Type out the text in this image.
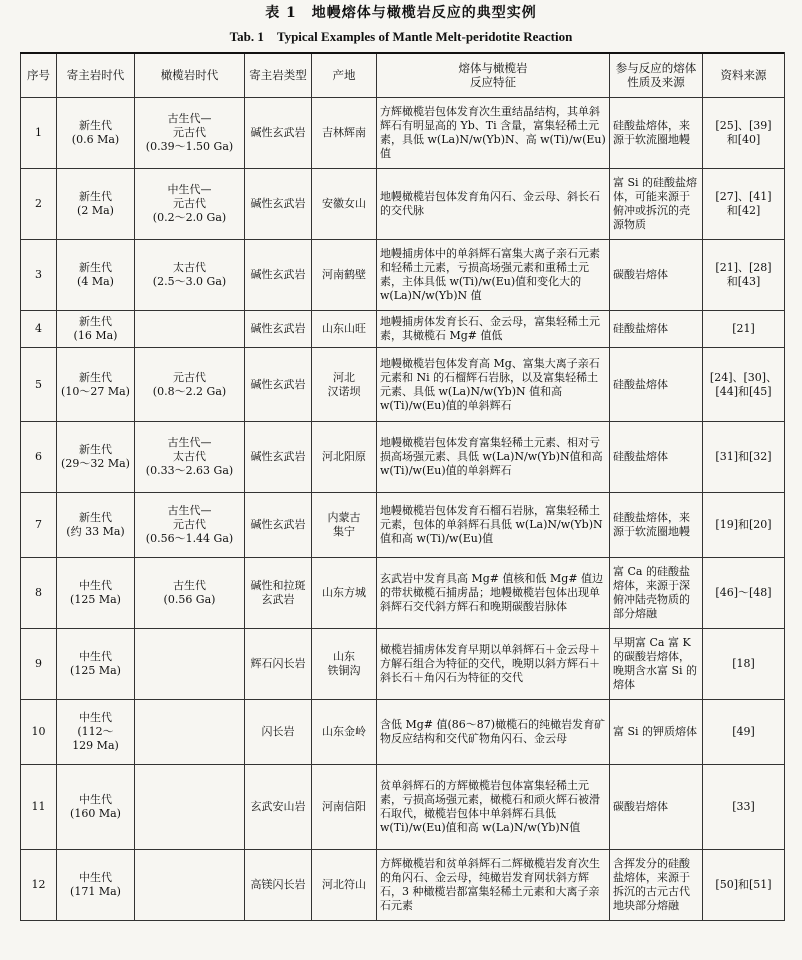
表 1　地幔熔体与橄榄岩反应的典型实例
Tab. 1　Typical Examples of Mantle Melt-peridotite Reaction
序号	寄主岩时代	橄榄岩时代	寄主岩类型	产地	熔体与橄榄岩
反应特征	参与反应的熔体
性质及来源	资料来源
1	新生代
(0.6 Ma)	古生代—
元古代
(0.39～1.50 Ga)	碱性玄武岩	吉林辉南	方辉橄榄岩包体发育次生重结晶结构，其单斜辉石有明显高的 Yb、Ti 含量，富集轻稀土元素，具低 w(La)N/w(Yb)N、高 w(Ti)/w(Eu)值	硅酸盐熔体，来源于软流圈地幔	[25]、[39]
和[40]
2	新生代
(2 Ma)	中生代—
元古代
(0.2～2.0 Ga)	碱性玄武岩	安徽女山	地幔橄榄岩包体发育角闪石、金云母、斜长石的交代脉	富 Si 的硅酸盐熔体，可能来源于俯冲或拆沉的壳源物质	[27]、[41]
和[42]
3	新生代
(4 Ma)	太古代
(2.5～3.0 Ga)	碱性玄武岩	河南鹤壁	地幔捕虏体中的单斜辉石富集大离子亲石元素和轻稀土元素，亏损高场强元素和重稀土元素，主体具低 w(Ti)/w(Eu)值和变化大的 w(La)N/w(Yb)N 值	碳酸岩熔体	[21]、[28]
和[43]
4	新生代
(16 Ma)		碱性玄武岩	山东山旺	地幔捕虏体发育长石、金云母，富集轻稀土元素，其橄榄石 Mg# 值低	硅酸盐熔体	[21]
5	新生代
(10～27 Ma)	元古代
(0.8～2.2 Ga)	碱性玄武岩	河北
汉诺坝	地幔橄榄岩包体发育高 Mg、富集大离子亲石元素和 Ni 的石榴辉石岩脉，以及富集轻稀土元素、具低 w(La)N/w(Yb)N 值和高 w(Ti)/w(Eu)值的单斜辉石	硅酸盐熔体	[24]、[30]、
[44]和[45]
6	新生代
(29～32 Ma)	古生代—
太古代
(0.33～2.63 Ga)	碱性玄武岩	河北阳原	地幔橄榄岩包体发育富集轻稀土元素、相对亏损高场强元素、具低 w(La)N/w(Yb)N值和高 w(Ti)/w(Eu)值的单斜辉石	硅酸盐熔体	[31]和[32]
7	新生代
(约 33 Ma)	古生代—
元古代
(0.56～1.44 Ga)	碱性玄武岩	内蒙古
集宁	地幔橄榄岩包体发育石榴石岩脉，富集轻稀土元素，包体的单斜辉石具低 w(La)N/w(Yb)N 值和高 w(Ti)/w(Eu)值	硅酸盐熔体，来源于软流圈地幔	[19]和[20]
8	中生代
(125 Ma)	古生代
(0.56 Ga)	碱性和拉斑
玄武岩	山东方城	玄武岩中发育具高 Mg# 值核和低 Mg# 值边的带状橄榄石捕虏晶；地幔橄榄岩包体出现单斜辉石交代斜方辉石和晚期碳酸岩脉体	富 Ca 的硅酸盐熔体，来源于深俯冲陆壳物质的部分熔融	[46]～[48]
9	中生代
(125 Ma)		辉石闪长岩	山东
铁铜沟	橄榄岩捕虏体发育早期以单斜辉石＋金云母＋方解石组合为特征的交代，晚期以斜方辉石＋斜长石＋角闪石为特征的交代	早期富 Ca 富 K 的碳酸岩熔体，晚期含水富 Si 的熔体	[18]
10	中生代
(112～
129 Ma)		闪长岩	山东金岭	含低 Mg# 值(86～87)橄榄石的纯橄岩发育矿物反应结构和交代矿物角闪石、金云母	富 Si 的钾质熔体	[49]
11	中生代
(160 Ma)		玄武安山岩	河南信阳	贫单斜辉石的方辉橄榄岩包体富集轻稀土元素，亏损高场强元素，橄榄石和顽火辉石被滑石取代，橄榄岩包体中单斜辉石具低 w(Ti)/w(Eu)值和高 w(La)N/w(Yb)N值	碳酸岩熔体	[33]
12	中生代
(171 Ma)		高镁闪长岩	河北符山	方辉橄榄岩和贫单斜辉石二辉橄榄岩发育次生的角闪石、金云母，纯橄岩发育网状斜方辉石，3 种橄榄岩都富集轻稀土元素和大离子亲石元素	含挥发分的硅酸盐熔体，来源于拆沉的古元古代地块部分熔融	[50]和[51]
